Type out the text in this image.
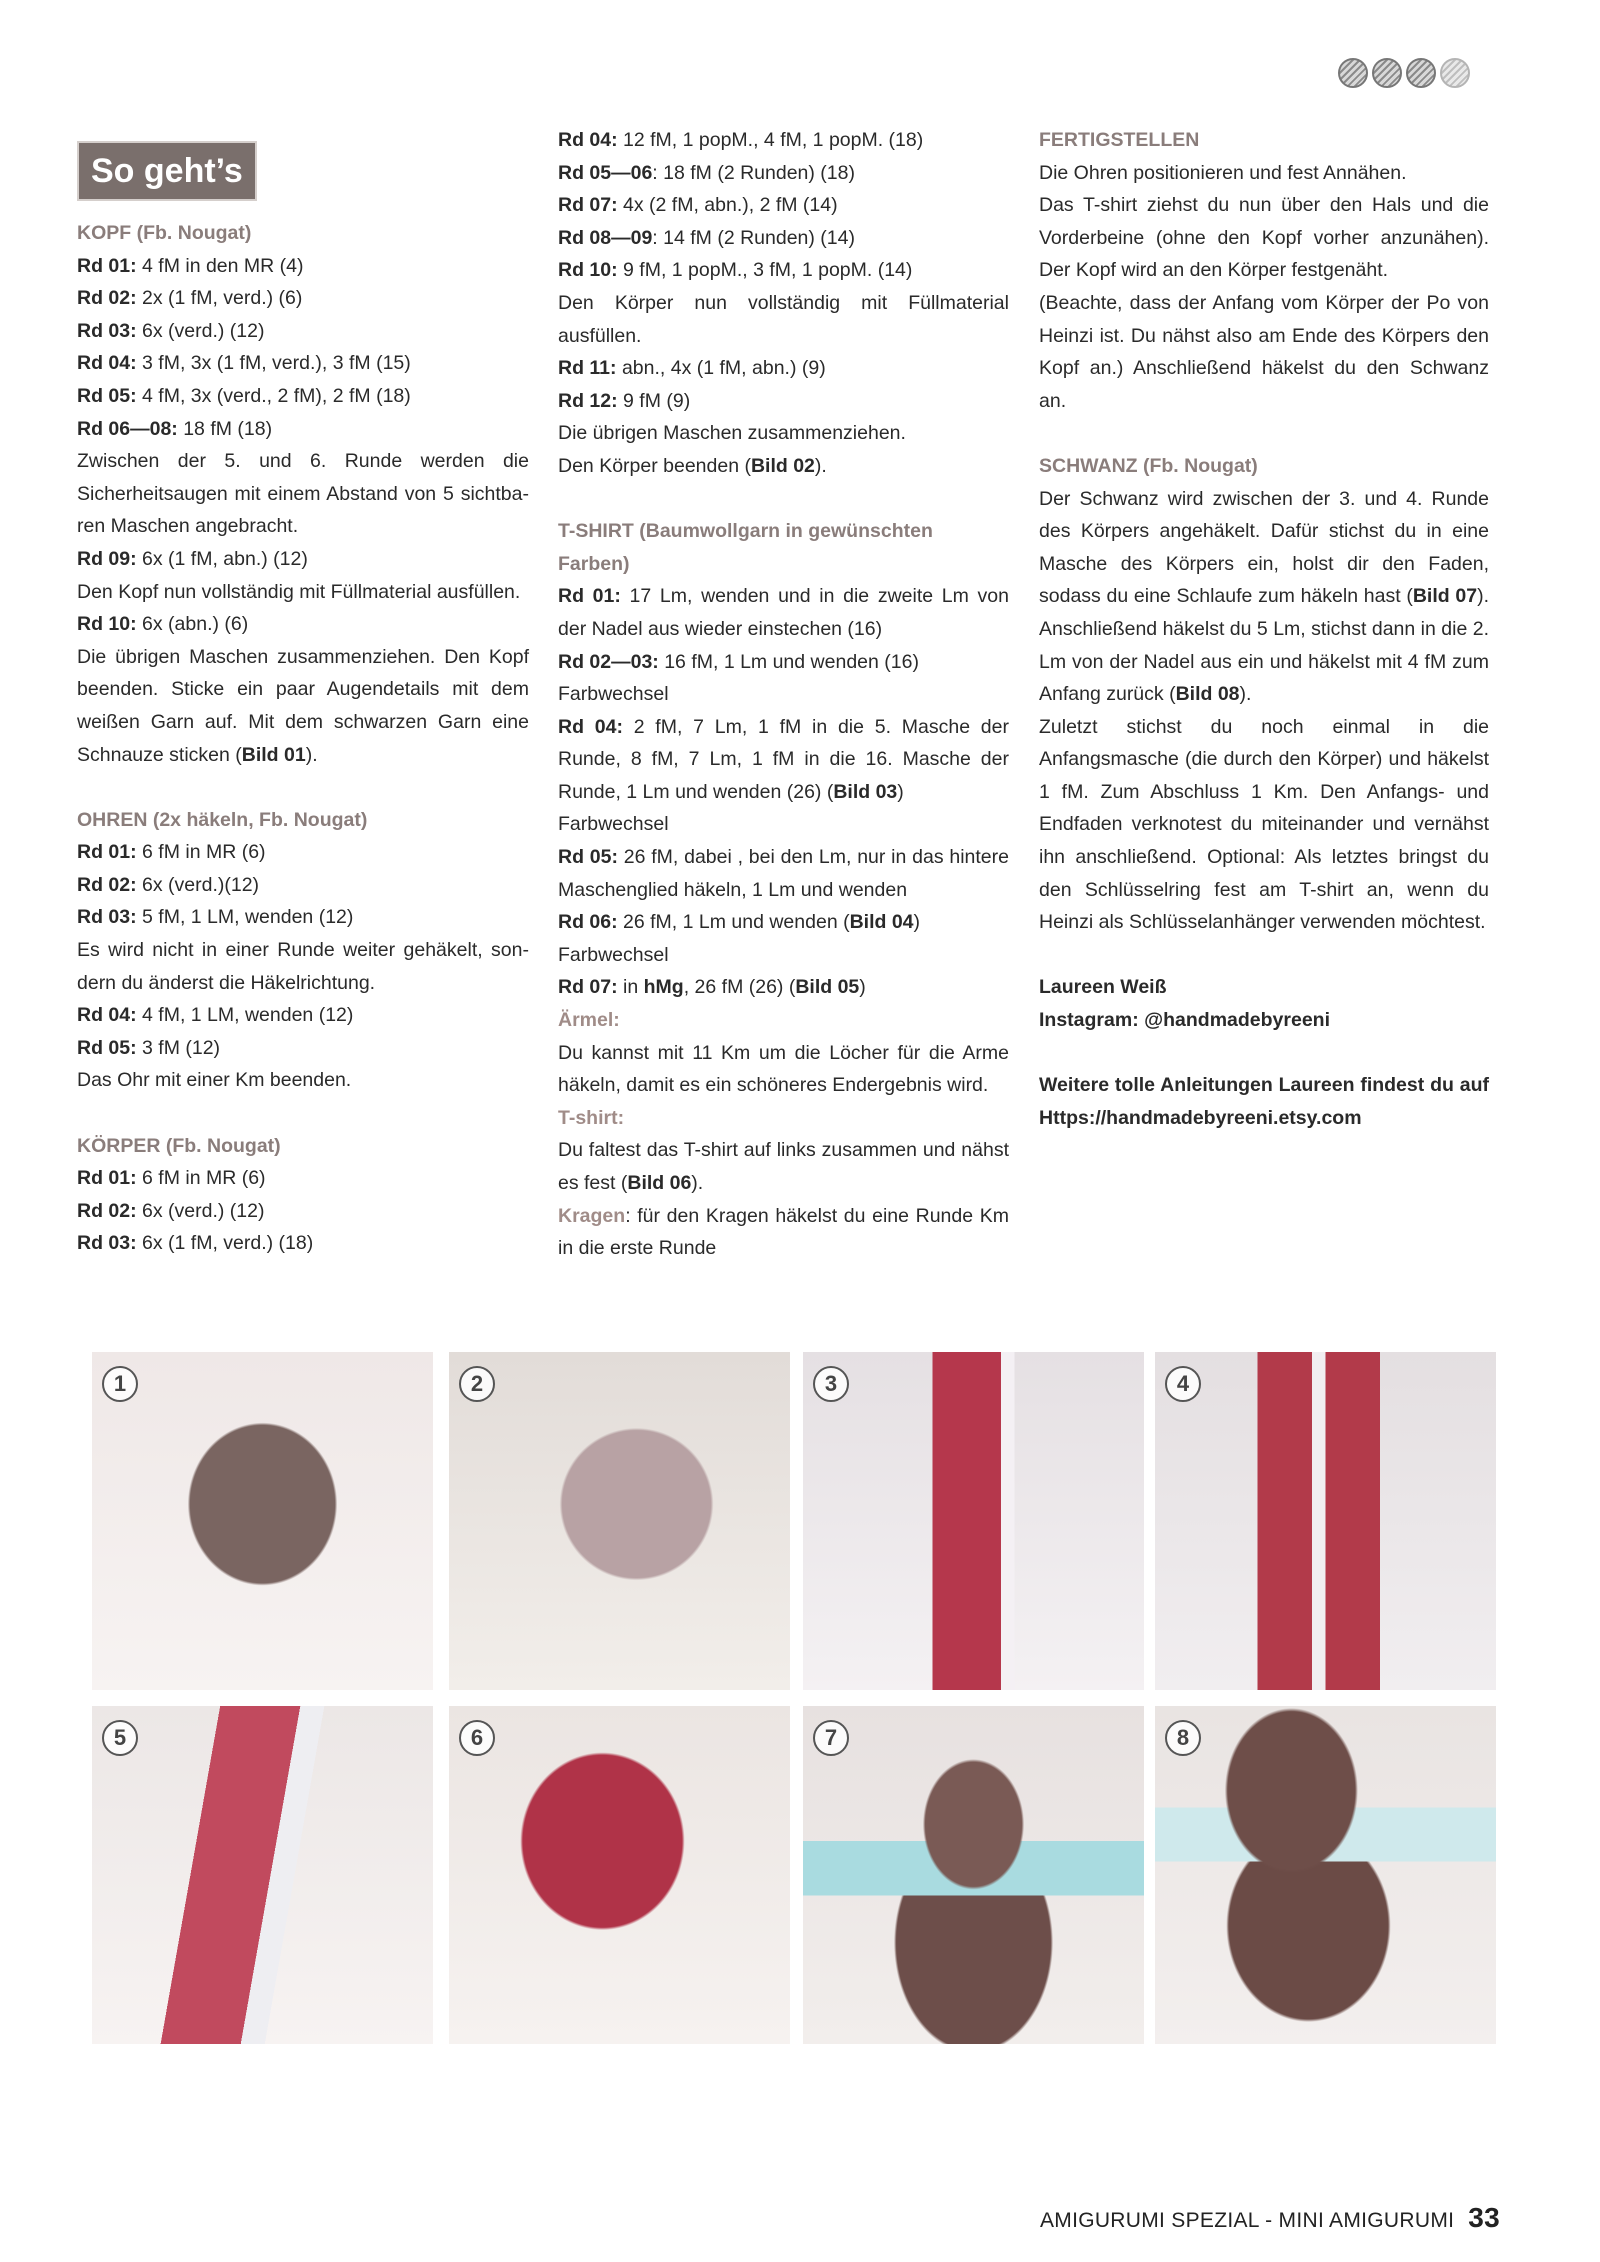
So geht’s

KOPF (Fb. Nougat)

Rd 01: 4 fM in den MR (4)

Rd 02: 2x (1 fM, verd.) (6)

Rd 03: 6x (verd.) (12)

Rd 04: 3 fM, 3x (1 fM, verd.), 3 fM (15)

Rd 05: 4 fM, 3x (verd., 2 fM), 2 fM (18)

Rd 06—08: 18 fM (18)

Zwischen der 5. und 6. Runde werden die Sicherheitsaugen mit einem Abstand von 5 sichtbaren Maschen angebracht.

Rd 09: 6x (1 fM, abn.) (12)

Den Kopf nun vollständig mit Füllmaterial ausfüllen.

Rd 10: 6x (abn.) (6)

Die übrigen Maschen zusammenziehen. Den Kopf beenden. Sticke ein paar Augendetails mit dem weißen Garn auf. Mit dem schwarzen Garn eine Schnauze sticken (Bild 01).

OHREN (2x häkeln, Fb. Nougat)

Rd 01: 6 fM in MR (6)

Rd 02: 6x (verd.)(12)

Rd 03: 5 fM, 1 LM, wenden (12)

Es wird nicht in einer Runde weiter gehäkelt, sondern du änderst die Häkelrichtung.

Rd 04: 4 fM, 1 LM, wenden (12)

Rd 05: 3 fM (12)

Das Ohr mit einer Km beenden.

KÖRPER (Fb. Nougat)

Rd 01: 6 fM in MR (6)

Rd 02: 6x (verd.) (12)

Rd 03: 6x (1 fM, verd.) (18)

Rd 04: 12 fM, 1 popM., 4 fM, 1 popM. (18)

Rd 05—06: 18 fM (2 Runden) (18)

Rd 07: 4x (2 fM, abn.), 2 fM (14)

Rd 08—09: 14 fM (2 Runden) (14)

Rd 10: 9 fM, 1 popM., 3 fM, 1 popM. (14)

Den Körper nun vollständig mit Füllmaterial ausfüllen.

Rd 11: abn., 4x (1 fM, abn.) (9)

Rd 12: 9 fM (9)

Die übrigen Maschen zusammenziehen.

Den Körper beenden (Bild 02).

T-SHIRT (Baumwollgarn in gewünschten Farben)

Rd 01: 17 Lm, wenden und in die zweite Lm von der Nadel aus wieder einstechen (16)

Rd 02—03: 16 fM, 1 Lm und wenden (16)

Farbwechsel

Rd 04: 2 fM, 7 Lm, 1 fM in die 5. Masche der Runde, 8 fM, 7 Lm, 1 fM in die 16. Masche der Runde, 1 Lm und wenden (26) (Bild 03)

Farbwechsel

Rd 05: 26 fM, dabei , bei den Lm, nur in das hintere Maschenglied häkeln, 1 Lm und wenden

Rd 06: 26 fM, 1 Lm und wenden (Bild 04)

Farbwechsel

Rd 07: in hMg, 26 fM (26) (Bild 05)

Ärmel:

Du kannst mit 11 Km um die Löcher für die Arme häkeln, damit es ein schöneres Endergebnis wird.

T-shirt:

Du faltest das T-shirt auf links zusammen und nähst es fest (Bild 06).

Kragen: für den Kragen häkelst du eine Runde Km in die erste Runde

FERTIGSTELLEN

Die Ohren positionieren und fest Annähen.

Das T-shirt ziehst du nun über den Hals und die Vorderbeine (ohne den Kopf vorher anzunähen). Der Kopf wird an den Körper festgenäht.

(Beachte, dass der Anfang vom Körper der Po von Heinzi ist. Du nähst also am Ende des Körpers den Kopf an.) Anschließend häkelst du den Schwanz an.

SCHWANZ (Fb. Nougat)

Der Schwanz wird zwischen der 3. und 4. Runde des Körpers angehäkelt. Dafür stichst du in eine Masche des Körpers ein, holst dir den Faden, sodass du eine Schlaufe zum häkeln hast (Bild 07). Anschließend häkelst du 5 Lm, stichst dann in die 2. Lm von der Nadel aus ein und häkelst mit 4 fM zum Anfang zurück (Bild 08).

Zuletzt stichst du noch einmal in die Anfangsmasche (die durch den Körper) und häkelst 1 fM. Zum Abschluss 1 Km. Den Anfangs- und Endfaden verknotest du miteinander und vernähst ihn anschließend. Optional: Als letztes bringst du den Schlüsselring fest am T-shirt an, wenn du Heinzi als Schlüsselanhänger verwenden möchtest.

Laureen Weiß

Instagram: @handmadebyreeni

Weitere tolle Anleitungen Laureen findest du auf Https://handmadebyreeni.etsy.com

1	2	3	4
5	6	7	8
AMIGURUMI SPEZIAL - MINI AMIGURUMI 33
